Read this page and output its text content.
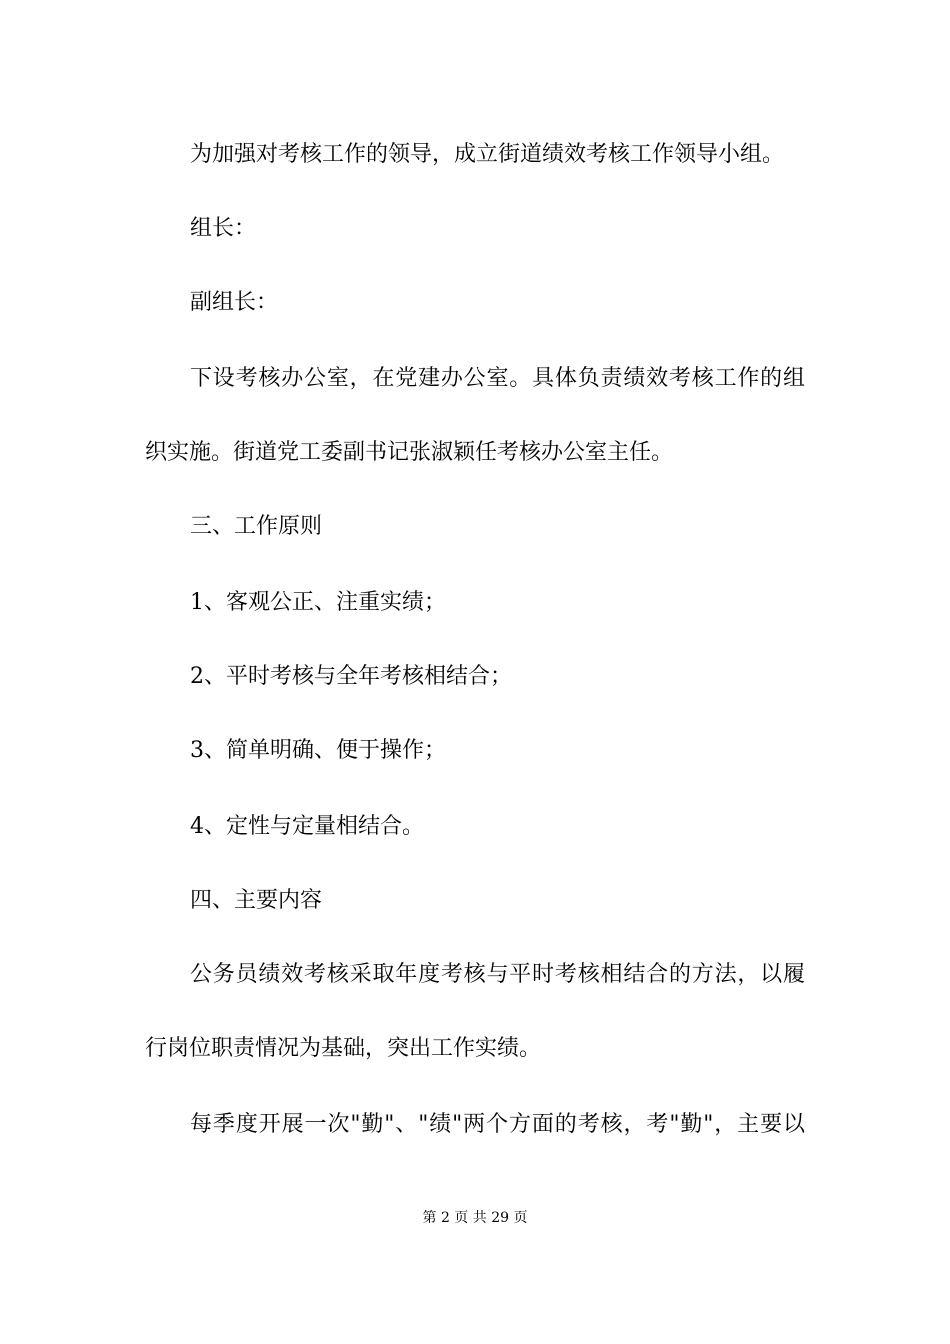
为加强对考核工作的领导，成立街道绩效考核工作领导小组。
组长：
副组长：
下设考核办公室，在党建办公室。具体负责绩效考核工作的组
织实施。街道党工委副书记张淑颖任考核办公室主任。
三、工作原则
1、客观公正、注重实绩；
2、平时考核与全年考核相结合；
3、简单明确、便于操作；
4、定性与定量相结合。
四、主要内容
公务员绩效考核采取年度考核与平时考核相结合的方法，以履
行岗位职责情况为基础，突出工作实绩。
每季度开展一次"勤"、"绩"两个方面的考核，考"勤"，主要以
第 2 页 共 29 页
